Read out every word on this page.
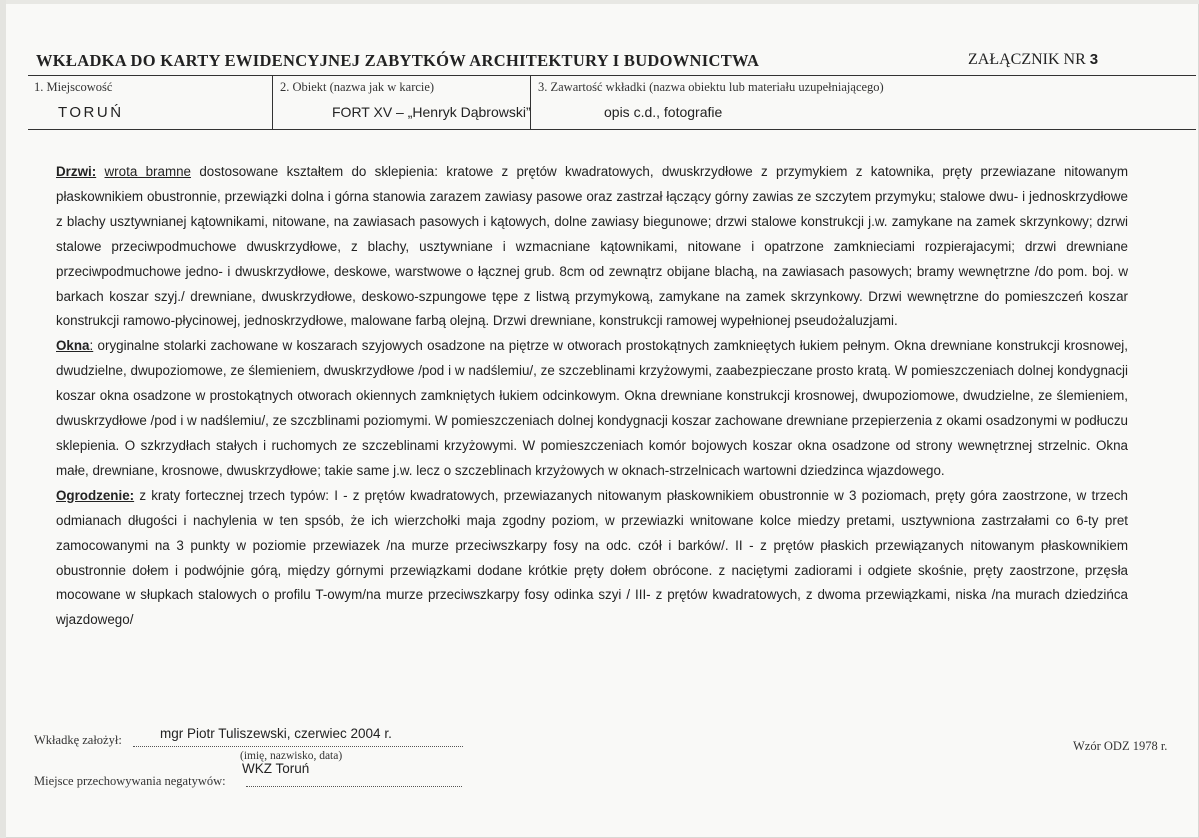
WKŁADKA DO KARTY EWIDENCYJNEJ ZABYTKÓW ARCHITEKTURY I BUDOWNICTWA	ZAŁĄCZNIK NR 3
1. Miejscowość
TORUŃ
2. Obiekt (nazwa jak w karcie)
FORT XV – „Henryk Dąbrowski”
3. Zawartość wkładki (nazwa obiektu lub materiału uzupełniającego)
opis c.d., fotografie

Drzwi: wrota bramne dostosowane kształtem do sklepienia: kratowe z prętów kwadratowych, dwuskrzydłowe z przymykiem z katownika, pręty przewiazane nitowanym płaskownikiem obustronnie, przewiązki dolna i górna stanowia zarazem zawiasy pasowe oraz zastrzał łączący górny zawias ze szczytem przymyku; stalowe dwu- i jednoskrzydłowe z blachy usztywnianej kątownikami, nitowane, na zawiasach pasowych i kątowych, dolne zawiasy biegunowe; drzwi stalowe konstrukcji j.w. zamykane na zamek skrzynkowy; dzrwi stalowe przeciwpodmuchowe dwuskrzydłowe, z blachy, usztywniane i wzmacniane kątownikami, nitowane i opatrzone zamknieciami rozpierajacymi; drzwi drewniane przeciwpodmuchowe jedno- i dwuskrzydłowe, deskowe, warstwowe o łącznej grub. 8cm od zewnątrz obijane blachą, na zawiasach pasowych; bramy wewnętrzne /do pom. boj. w barkach koszar szyj./ drewniane, dwuskrzydłowe, deskowo-szpungowe tępe z listwą przymykową, zamykane na zamek skrzynkowy. Drzwi wewnętrzne do pomieszczeń koszar konstrukcji ramowo-płycinowej, jednoskrzydłowe, malowane farbą olejną. Drzwi drewniane, konstrukcji ramowej wypełnionej pseudożaluzjami.

Okna: oryginalne stolarki zachowane w koszarach szyjowych osadzone na piętrze w otworach prostokątnych zamknieętych łukiem pełnym. Okna drewniane konstrukcji krosnowej, dwudzielne, dwupoziomowe, ze ślemieniem, dwuskrzydłowe /pod i w nadślemiu/, ze szczeblinami krzyżowymi, zaabezpieczane prosto kratą. W pomieszczeniach dolnej kondygnacji koszar okna osadzone w prostokątnych otworach okiennych zamkniętych łukiem odcinkowym. Okna drewniane konstrukcji krosnowej, dwupoziomowe, dwudzielne, ze ślemieniem, dwuskrzydłowe /pod i w nadślemiu/, ze szczblinami poziomymi. W pomieszczeniach dolnej kondygnacji koszar zachowane drewniane przepierzenia z okami osadzonymi w podłuczu sklepienia. O szkrzydłach stałych i ruchomych ze szczeblinami krzyżowymi. W pomieszczeniach komór bojowych koszar okna osadzone od strony wewnętrznej strzelnic. Okna małe, drewniane, krosnowe, dwuskrzydłowe; takie same j.w. lecz o szczeblinach krzyżowych w oknach-strzelnicach wartowni dziedzinca wjazdowego.

Ogrodzenie: z kraty fortecznej trzech typów: I - z prętów kwadratowych, przewiazanych nitowanym płaskownikiem obustronnie w 3 poziomach, pręty góra zaostrzone, w trzech odmianach długości i nachylenia w ten spsób, że ich wierzchołki maja zgodny poziom, w przewiazki wnitowane kolce miedzy pretami, usztywniona zastrzałami co 6-ty pret zamocowanymi na 3 punkty w poziomie przewiazek /na murze przeciwszkarpy fosy na odc. czół i barków/. II - z prętów płaskich przewiązanych nitowanym płaskownikiem obustronnie dołem i podwójnie górą, między górnymi przewiązkami dodane krótkie pręty dołem obrócone. z naciętymi zadiorami i odgiete skośnie, pręty zaostrzone, przęsła mocowane w słupkach stalowych o profilu T-owym/na murze przeciwszkarpy fosy odinka szyi / III- z prętów kwadratowych, z dwoma przewiązkami, niska /na murach dziedzińca wjazdowego/

Wkładkę założył:	mgr Piotr Tuliszewski, czerwiec 2004 r.
(imię, nazwisko, data)
WKZ Toruń
Miejsce przechowywania negatywów:
Wzór ODZ 1978 r.
